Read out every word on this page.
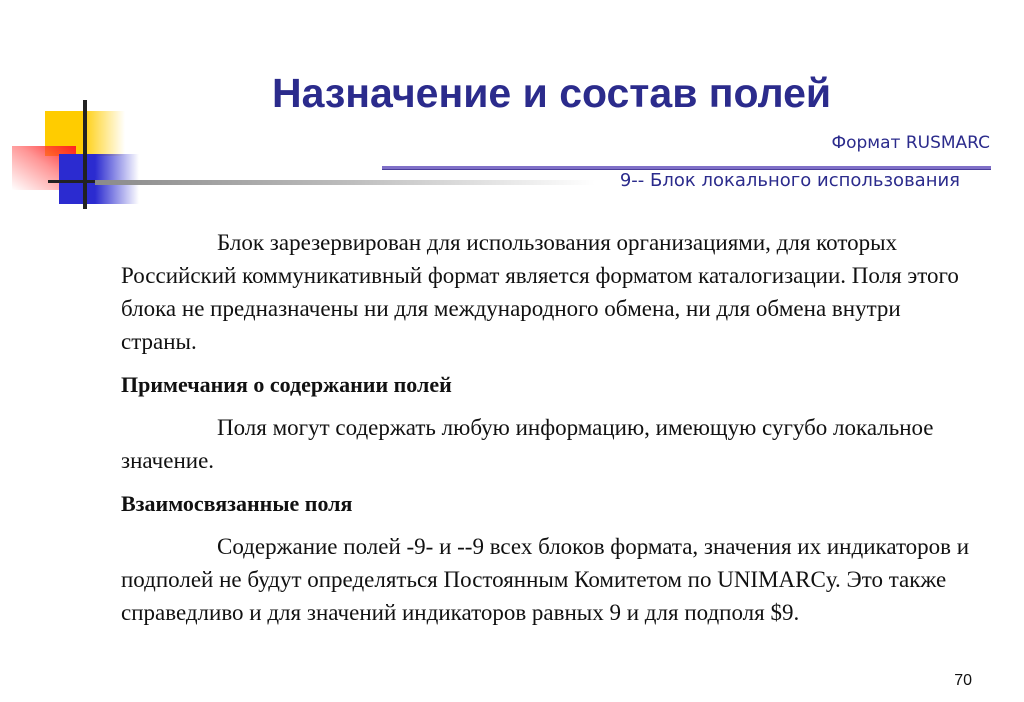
Назначение и состав полей
Формат RUSMARC
9-- Блок локального использования

Блок зарезервирован для использования организациями, для которых Российский коммуникативный формат является форматом каталогизации. Поля этого блока не предназначены ни для международного обмена, ни для обмена внутри страны.

Примечания о содержании полей

Поля могут содержать любую информацию, имеющую сугубо локальное значение.

Взаимосвязанные поля

Содержание полей -9- и --9 всех блоков формата, значения их индикаторов и подполей не будут определяться Постоянным Комитетом по UNIMARCу. Это также справедливо и для значений индикаторов равных 9 и для подполя $9.

70
